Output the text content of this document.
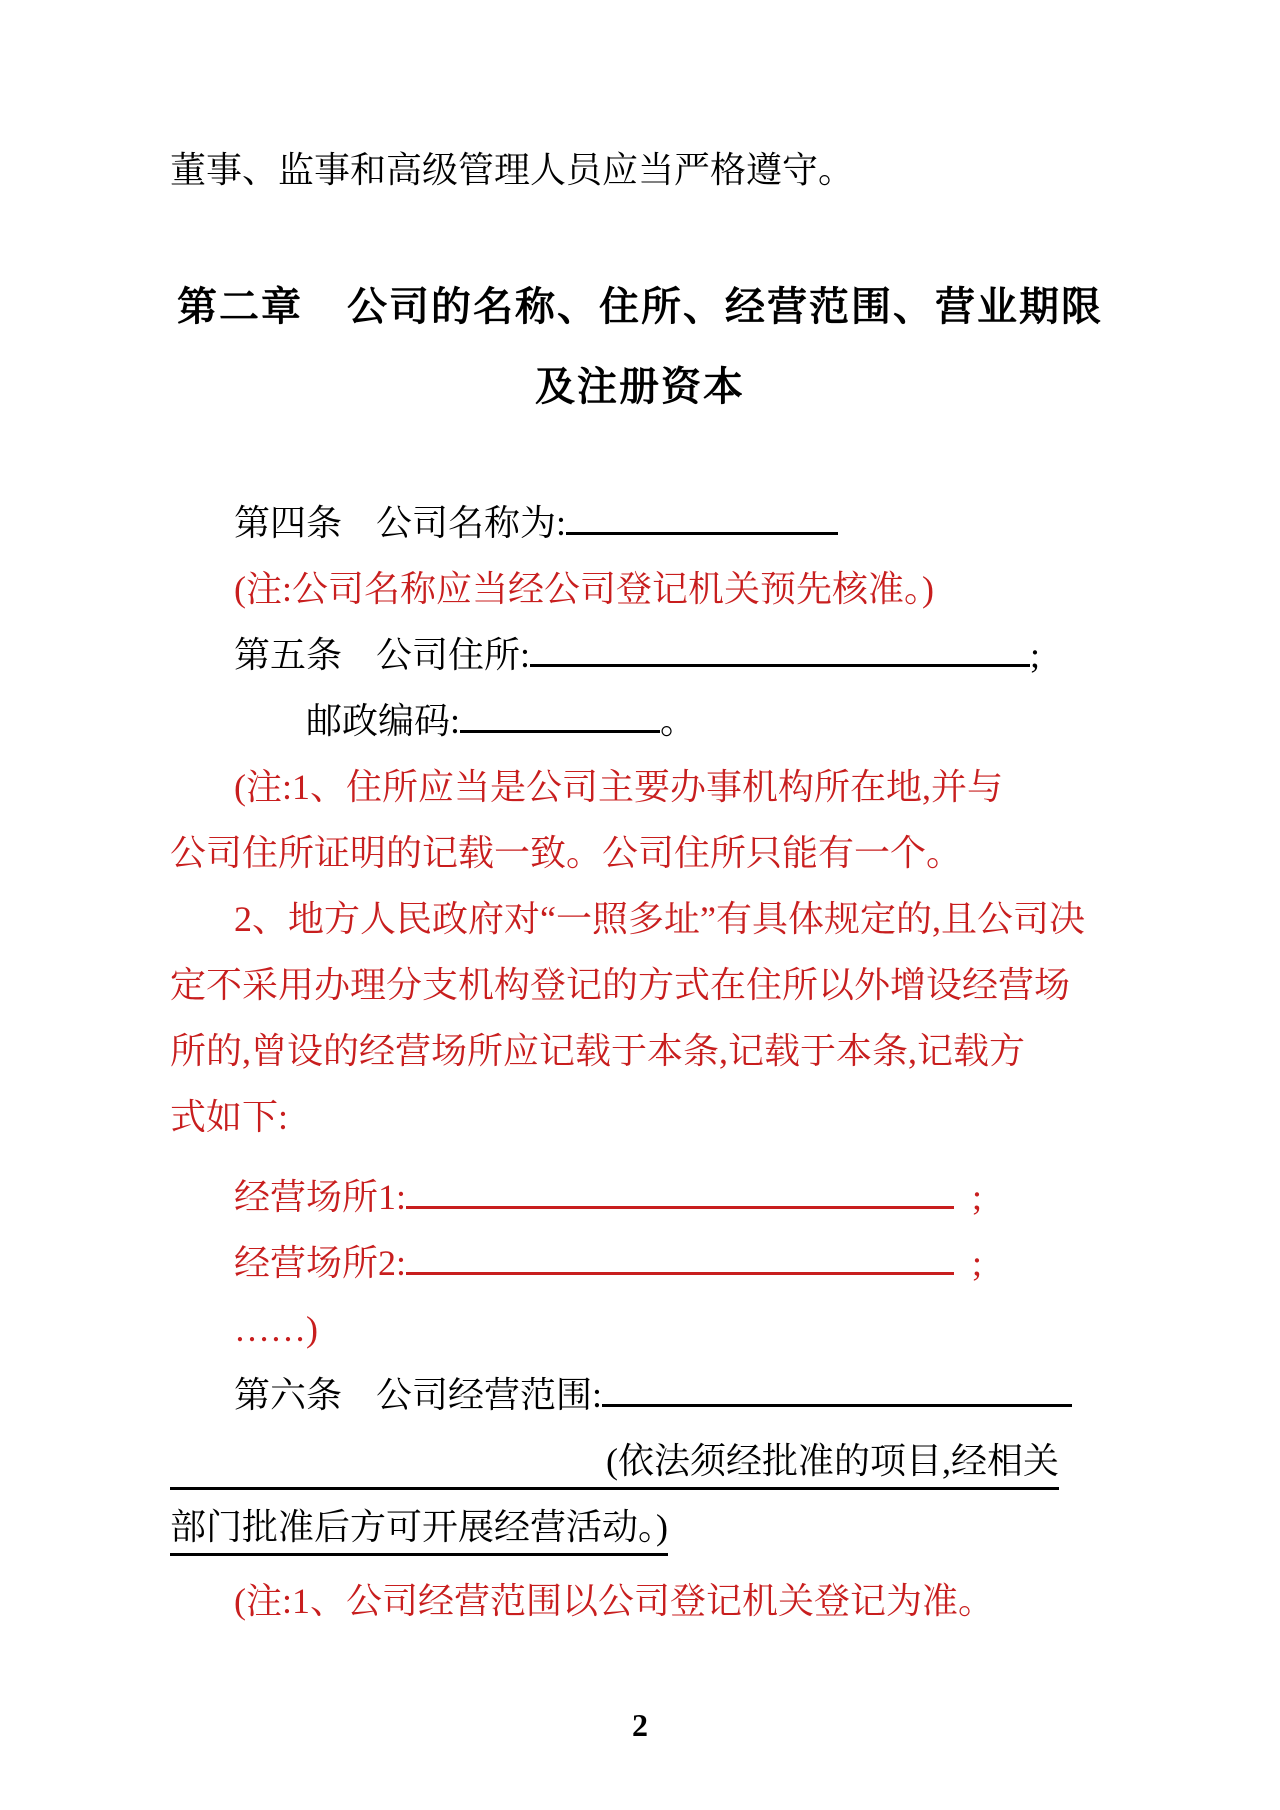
董事、监事和高级管理人员应当严格遵守。

第二章 公司的名称、住所、经营范围、营业期限
及注册资本

第四条 公司名称为:

(注:公司名称应当经公司登记机关预先核准。)

第五条 公司住所:	;

邮政编码:	。

(注:1、住所应当是公司主要办事机构所在地,并与

公司住所证明的记载一致。公司住所只能有一个。

2、地方人民政府对“一照多址”有具体规定的,且公司决

定不采用办理分支机构登记的方式在住所以外增设经营场

所的,曾设的经营场所应记载于本条,记载于本条,记载方

式如下:

经营场所1:	;

经营场所2:	;

……)

第六条 公司经营范围:

(依法须经批准的项目,经相关

部门批准后方可开展经营活动。)

(注:1、公司经营范围以公司登记机关登记为准。

2
